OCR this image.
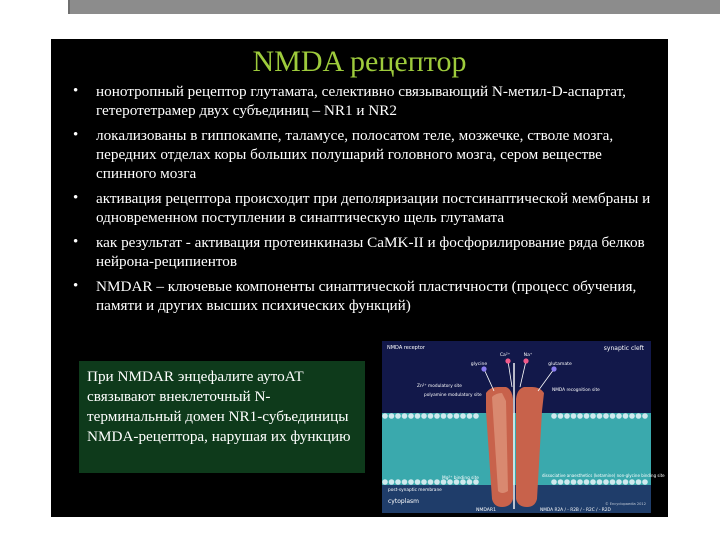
NMDA рецептор
• нонотропный рецептор глутамата, селективно связывающий N-метил-D-аспартат, гетеротетрамер двух субъединиц – NR1 и NR2
• локализованы в гиппокампе, таламусе, полосатом теле, мозжечке, стволе мозга, передних отделах коры больших полушарий головного мозга, сером веществе спинного мозга
• активация рецептора происходит при деполяризации постсинаптической мембраны и одновременном поступлении в синаптическую щель глутамата
• как результат - активация протеинкиназы CaMK-II и фосфорилирование ряда белков нейрона-реципиентов
• NMDAR – ключевые компоненты синаптической пластичности (процесс обучения, памяти и других высших психических функций)
При NMDAR энцефалите аутоАТ связывают внеклеточный N-терминальный домен NR1-субъединицы NMDA-рецептора, нарушая их функцию
NMDA receptor	synaptic cleft
glycine
Ca²⁺	Na⁺
glutamate
Zn²⁺ modulatory site
polyamine modulatory site
NMDA recognition site
Mg²⁺ binding site
dissociative anaesthetics (ketamine) non-glycine binding site
post-synaptic membrane
cytoplasm
NMDAR1	NMDA R2A / - R2B / - R2C / - R2D
© Encyclopaedia 2012
